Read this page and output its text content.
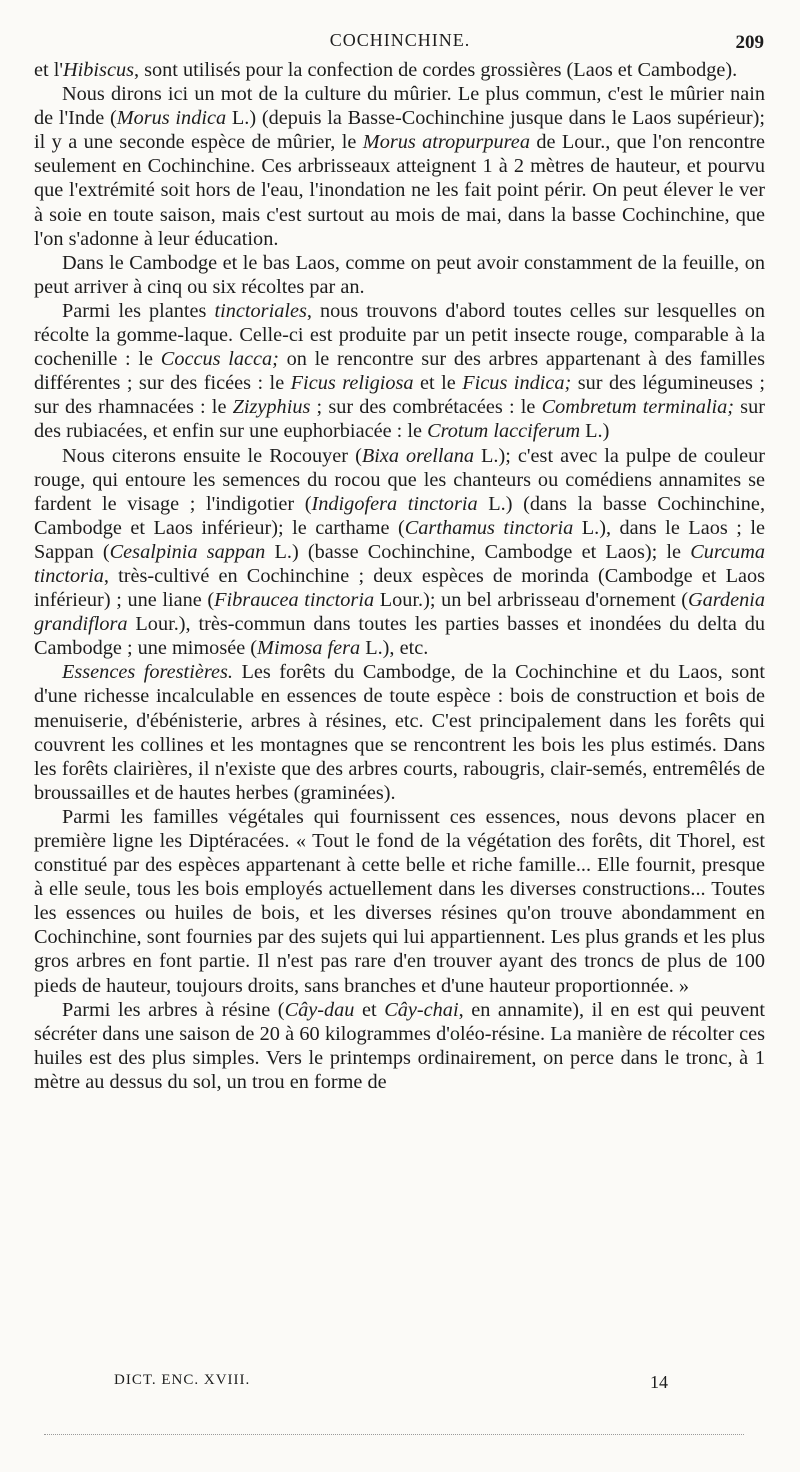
COCHINCHINE.	209

et l'Hibiscus, sont utilisés pour la confection de cordes grossières (Laos et Cambodge).

Nous dirons ici un mot de la culture du mûrier. Le plus commun, c'est le mûrier nain de l'Inde (Morus indica L.) (depuis la Basse-Cochinchine jusque dans le Laos supérieur); il y a une seconde espèce de mûrier, le Morus atropurpurea de Lour., que l'on rencontre seulement en Cochinchine. Ces arbrisseaux atteignent 1 à 2 mètres de hauteur, et pourvu que l'extrémité soit hors de l'eau, l'inondation ne les fait point périr. On peut élever le ver à soie en toute saison, mais c'est surtout au mois de mai, dans la basse Cochinchine, que l'on s'adonne à leur éducation.

Dans le Cambodge et le bas Laos, comme on peut avoir constamment de la feuille, on peut arriver à cinq ou six récoltes par an.

Parmi les plantes tinctoriales, nous trouvons d'abord toutes celles sur lesquelles on récolte la gomme-laque. Celle-ci est produite par un petit insecte rouge, comparable à la cochenille : le Coccus lacca; on le rencontre sur des arbres appartenant à des familles différentes ; sur des ficées : le Ficus religiosa et le Ficus indica; sur des légumineuses ; sur des rhamnacées : le Zizyphius ; sur des combrétacées : le Combretum terminalia; sur des rubiacées, et enfin sur une euphorbiacée : le Crotum lacciferum L.)

Nous citerons ensuite le Rocouyer (Bixa orellana L.); c'est avec la pulpe de couleur rouge, qui entoure les semences du rocou que les chanteurs ou comédiens annamites se fardent le visage ; l'indigotier (Indigofera tinctoria L.) (dans la basse Cochinchine, Cambodge et Laos inférieur); le carthame (Carthamus tinctoria L.), dans le Laos ; le Sappan (Cesalpinia sappan L.) (basse Cochinchine, Cambodge et Laos); le Curcuma tinctoria, très-cultivé en Cochinchine ; deux espèces de morinda (Cambodge et Laos inférieur) ; une liane (Fibraucea tinctoria Lour.); un bel arbrisseau d'ornement (Gardenia grandiflora Lour.), très-commun dans toutes les parties basses et inondées du delta du Cambodge ; une mimosée (Mimosa fera L.), etc.

Essences forestières. Les forêts du Cambodge, de la Cochinchine et du Laos, sont d'une richesse incalculable en essences de toute espèce : bois de construction et bois de menuiserie, d'ébénisterie, arbres à résines, etc. C'est principalement dans les forêts qui couvrent les collines et les montagnes que se rencontrent les bois les plus estimés. Dans les forêts clairières, il n'existe que des arbres courts, rabougris, clair-semés, entremêlés de broussailles et de hautes herbes (graminées).

Parmi les familles végétales qui fournissent ces essences, nous devons placer en première ligne les Diptéracées. « Tout le fond de la végétation des forêts, dit Thorel, est constitué par des espèces appartenant à cette belle et riche famille... Elle fournit, presque à elle seule, tous les bois employés actuellement dans les diverses constructions... Toutes les essences ou huiles de bois, et les diverses résines qu'on trouve abondamment en Cochinchine, sont fournies par des sujets qui lui appartiennent. Les plus grands et les plus gros arbres en font partie. Il n'est pas rare d'en trouver ayant des troncs de plus de 100 pieds de hauteur, toujours droits, sans branches et d'une hauteur proportionnée. »

Parmi les arbres à résine (Cây-dau et Cây-chai, en annamite), il en est qui peuvent sécréter dans une saison de 20 à 60 kilogrammes d'oléo-résine. La manière de récolter ces huiles est des plus simples. Vers le printemps ordinairement, on perce dans le tronc, à 1 mètre au dessus du sol, un trou en forme de

DICT. ENC. XVIII.	14
